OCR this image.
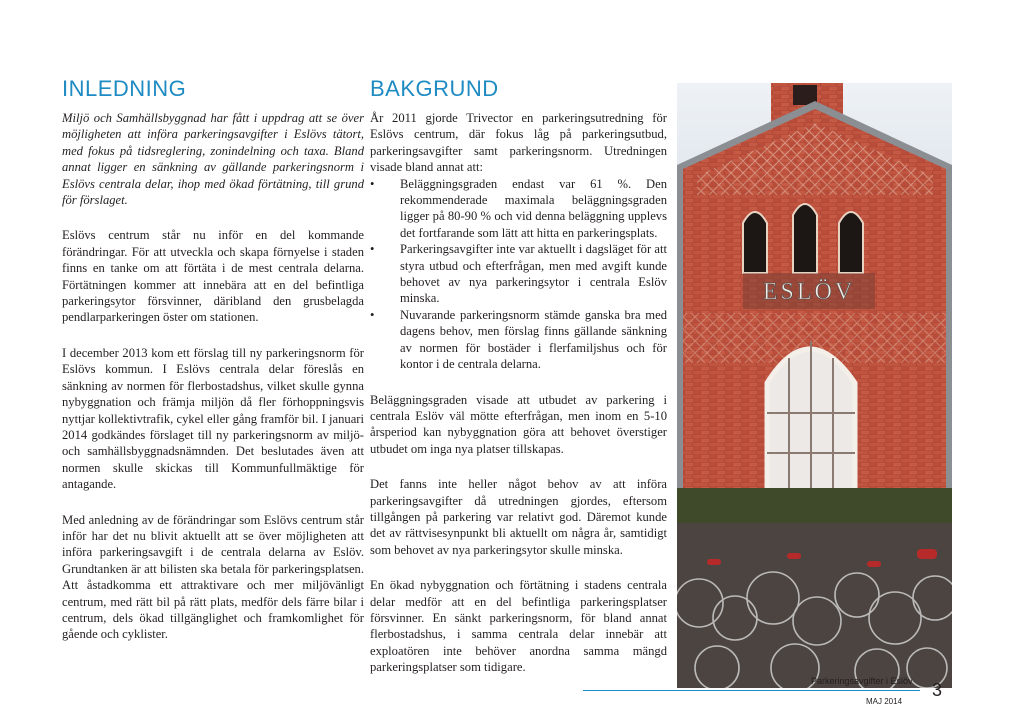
INLEDNING

Miljö och Samhällsbyggnad har fått i uppdrag att se över möjligheten att införa parkeringsavgifter i Eslövs tätort, med fokus på tidsreglering, zonindelning och taxa. Bland annat ligger en sänkning av gällande parkeringsnorm i Eslövs centrala delar, ihop med ökad förtätning, till grund för förslaget.

Eslövs centrum står nu inför en del kommande förändringar. För att utveckla och skapa förnyelse i staden finns en tanke om att förtäta i de mest centrala delarna. Förtätningen kommer att innebära att en del befintliga parkeringsytor försvinner, däribland den grusbelagda pendlarparkeringen öster om stationen.

I december 2013 kom ett förslag till ny parkeringsnorm för Eslövs kommun. I Eslövs centrala delar föreslås en sänkning av normen för flerbostadshus, vilket skulle gynna nybyggnation och främja miljön då fler förhoppningsvis nyttjar kollektivtrafik, cykel eller gång framför bil. I januari 2014 godkändes förslaget till ny parkeringsnorm av miljö- och samhällsbyggnadsnämnden. Det beslutades även att normen skulle skickas till Kommunfullmäktige för antagande.

Med anledning av de förändringar som Eslövs centrum står inför har det nu blivit aktuellt att se över möjligheten att införa parkeringsavgift i de centrala delarna av Eslöv. Grundtanken är att bilisten ska betala för parkeringsplatsen. Att åstadkomma ett attraktivare och mer miljövänligt centrum, med rätt bil på rätt plats, medför dels färre bilar i centrum, dels ökad tillgänglighet och framkomlighet för gående och cyklister.

BAKGRUND

År 2011 gjorde Trivector en parkeringsutredning för Eslövs centrum, där fokus låg på parkeringsutbud, parkeringsavgifter samt parkeringsnorm. Utredningen visade bland annat att:

• Beläggningsgraden endast var 61 %. Den rekommenderade maximala beläggningsgraden ligger på 80-90 % och vid denna beläggning upplevs det fortfarande som lätt att hitta en parkeringsplats.

• Parkeringsavgifter inte var aktuellt i dagsläget för att styra utbud och efterfrågan, men med avgift kunde behovet av nya parkeringsytor i centrala Eslöv minska.

• Nuvarande parkeringsnorm stämde ganska bra med dagens behov, men förslag finns gällande sänkning av normen för bostäder i flerfamiljshus och för kontor i de centrala delarna.

Beläggningsgraden visade att utbudet av parkering i centrala Eslöv väl mötte efterfrågan, men inom en 5-10 årsperiod kan nybyggnation göra att behovet överstiger utbudet om inga nya platser tillskapas.

Det fanns inte heller något behov av att införa parkeringsavgifter då utredningen gjordes, eftersom tillgången på parkering var relativt god. Däremot kunde det av rättvisesynpunkt bli aktuellt om några år, samtidigt som behovet av nya parkeringsytor skulle minska.

En ökad nybyggnation och förtätning i stadens centrala delar medför att en del befintliga parkeringsplatser försvinner. En sänkt parkeringsnorm, för bland annat flerbostadshus, i samma centrala delar innebär att exploatören inte behöver anordna samma mängd parkeringsplatser som tidigare.

ESLÖV
Parkeringsavgifter i Eslöv
MAJ 2014
3
